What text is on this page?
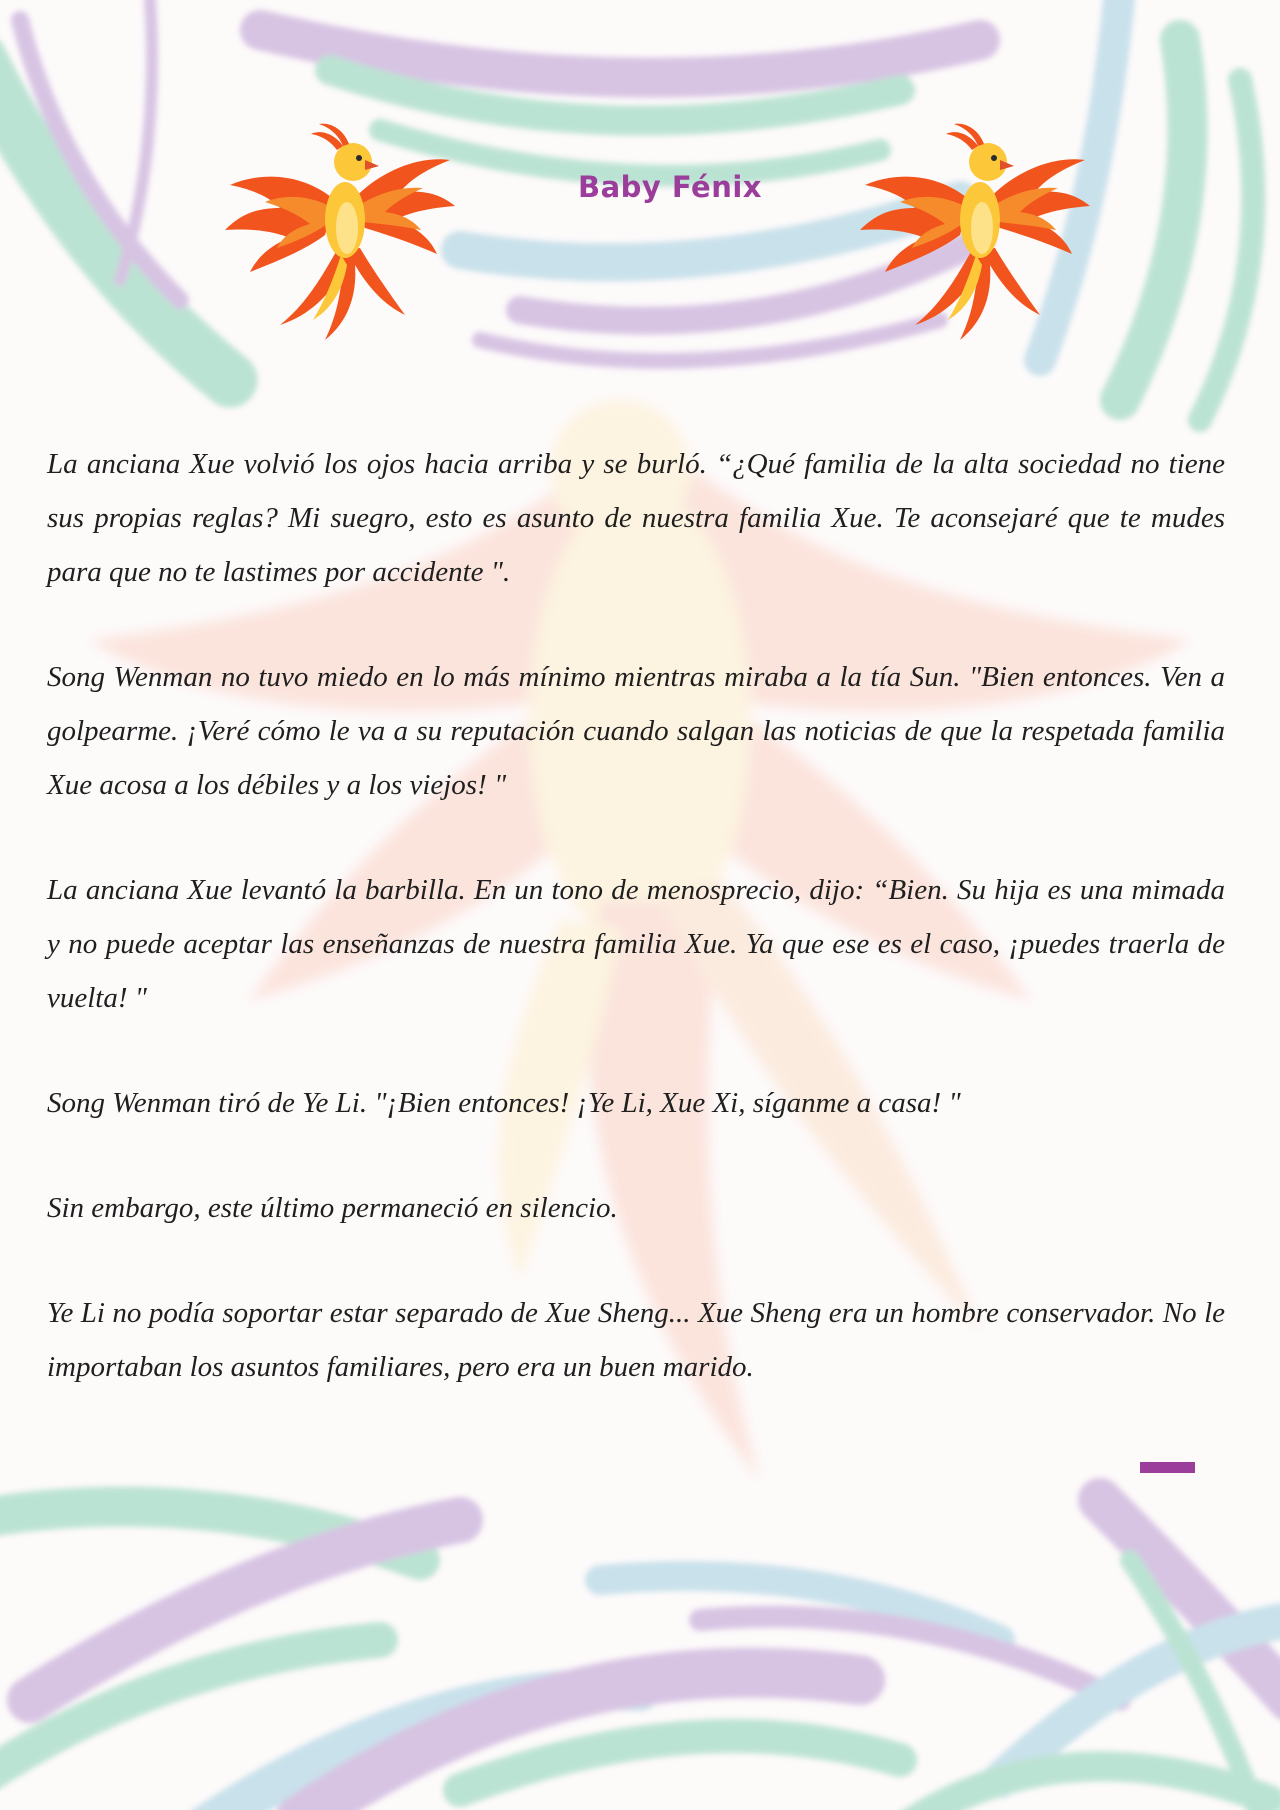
Baby Fénix

La anciana Xue volvió los ojos hacia arriba y se burló. “¿Qué familia de la alta sociedad no tiene sus propias reglas? Mi suegro, esto es asunto de nuestra familia Xue. Te aconsejaré que te mudes para que no te lastimes por accidente ".

Song Wenman no tuvo miedo en lo más mínimo mientras miraba a la tía Sun. "Bien entonces. Ven a golpearme. ¡Veré cómo le va a su reputación cuando salgan las noticias de que la respetada familia Xue acosa a los débiles y a los viejos! "

La anciana Xue levantó la barbilla. En un tono de menosprecio, dijo: “Bien. Su hija es una mimada y no puede aceptar las enseñanzas de nuestra familia Xue. Ya que ese es el caso, ¡puedes traerla de vuelta! "

Song Wenman tiró de Ye Li. "¡Bien entonces! ¡Ye Li, Xue Xi, síganme a casa! "

Sin embargo, este último permaneció en silencio.

Ye Li no podía soportar estar separado de Xue Sheng... Xue Sheng era un hombre conservador. No le importaban los asuntos familiares, pero era un buen marido.
